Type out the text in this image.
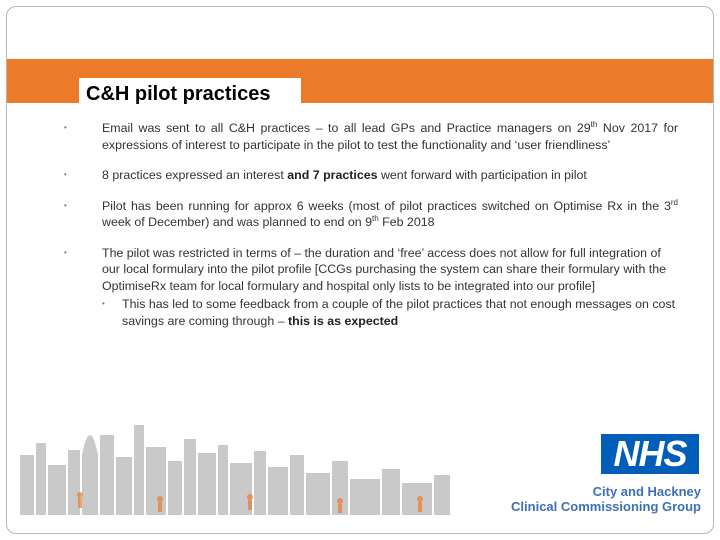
C&H pilot practices
•	Email was sent to all C&H practices – to all lead GPs and Practice managers on 29th Nov 2017 for expressions of interest to participate in the pilot to test the functionality and ‘user friendliness’
•	8 practices expressed an interest and 7 practices went forward with participation in pilot
•	Pilot has been running for approx 6 weeks (most of pilot practices switched on Optimise Rx in the 3rd week of December) and was planned to end on 9th Feb 2018
•	The pilot was restricted in terms of – the duration and ‘free’ access does not allow for full integration of our local formulary into the pilot profile [CCGs purchasing the system can share their formulary with the OptimiseRx team for local formulary and hospital only lists to be integrated into our profile]
• This has led to some feedback from a couple of the pilot practices that not enough messages on cost savings are coming through – this is as expected
NHS
City and Hackney
Clinical Commissioning Group
